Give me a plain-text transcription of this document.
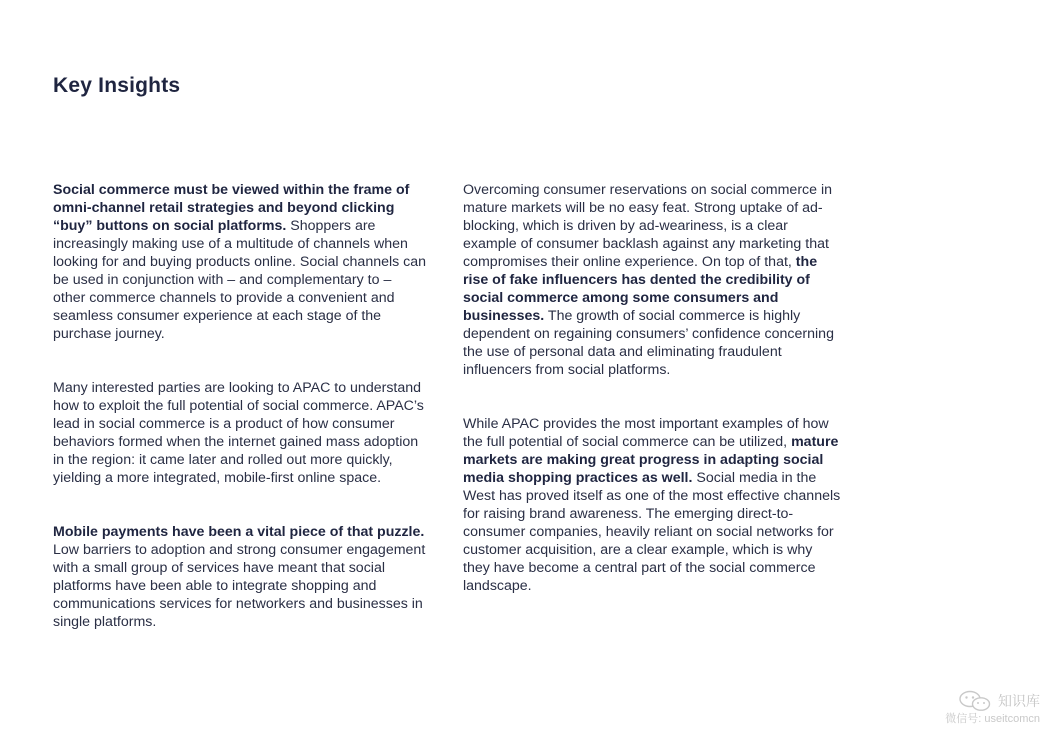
Key Insights

Social commerce must be viewed within the frame of omni-channel retail strategies and beyond clicking “buy” buttons on social platforms. Shoppers are increasingly making use of a multitude of channels when looking for and buying products online. Social channels can be used in conjunction with – and complementary to – other commerce channels to provide a convenient and seamless consumer experience at each stage of the purchase journey.

Many interested parties are looking to APAC to understand how to exploit the full potential of social commerce. APAC’s lead in social commerce is a product of how consumer behaviors formed when the internet gained mass adoption in the region: it came later and rolled out more quickly, yielding a more integrated, mobile-first online space.

Mobile payments have been a vital piece of that puzzle. Low barriers to adoption and strong consumer engagement with a small group of services have meant that social platforms have been able to integrate shopping and communications services for networkers and businesses in single platforms.

Overcoming consumer reservations on social commerce in mature markets will be no easy feat. Strong uptake of ad-blocking, which is driven by ad-weariness, is a clear example of consumer backlash against any marketing that compromises their online experience. On top of that, the rise of fake influencers has dented the credibility of social commerce among some consumers and businesses. The growth of social commerce is highly dependent on regaining consumers’ confidence concerning the use of personal data and eliminating fraudulent influencers from social platforms.

While APAC provides the most important examples of how the full potential of social commerce can be utilized, mature markets are making great progress in adapting social media shopping practices as well. Social media in the West has proved itself as one of the most effective channels for raising brand awareness. The emerging direct-to-consumer companies, heavily reliant on social networks for customer acquisition, are a clear example, which is why they have become a central part of the social commerce landscape.

知识库
微信号: useitcomcn
